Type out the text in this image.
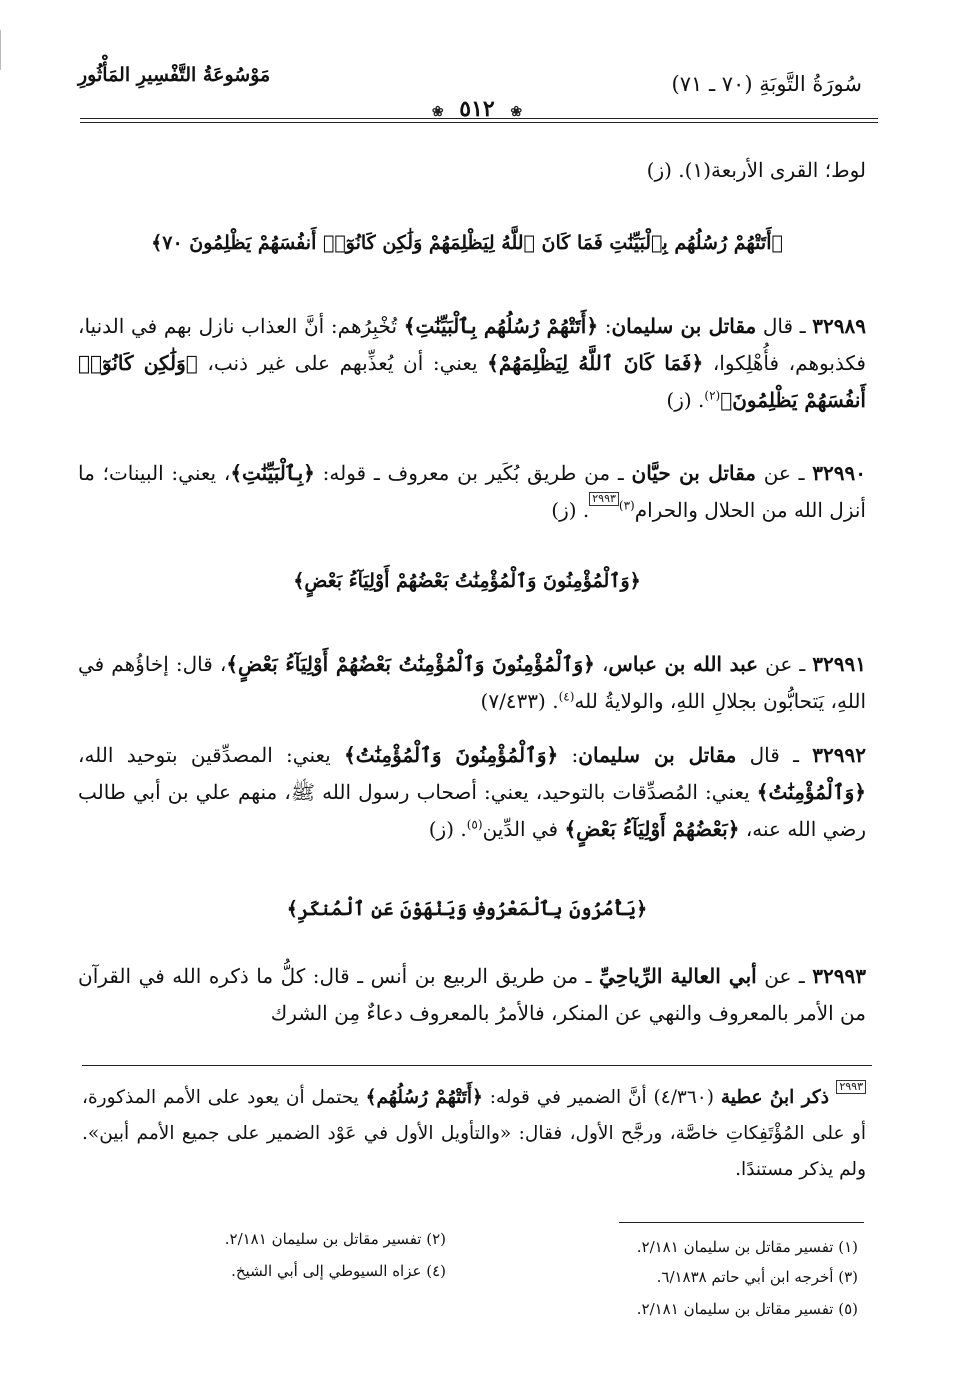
سُورَةُ التَّوبَةِ (٧٠ ـ ٧١)
مَوْسُوعَةُ التَّفْسِيرِ المَأْثُورِ
❀ ٥١٢ ❀
لوط؛ القرى الأربعة(١). (ز)
﴿أَتَتْهُمْ رُسُلُهُم بِٱلْبَيِّنَٰتِ فَمَا كَانَ ٱللَّهُ لِيَظْلِمَهُمْ وَلَٰكِن كَانُوٓا۟ أَنفُسَهُمْ يَظْلِمُونَ ٧٠﴾
٣٢٩٨٩ ـ قال مقاتل بن سليمان: ﴿أَتَتْهُمْ رُسُلُهُم بِٱلْبَيِّنَٰتِ﴾ تُخْبِرُهم: أنَّ العذاب نازل بهم في الدنيا، فكذبوهم، فأُهْلِكوا، ﴿فَمَا كَانَ ٱللَّهُ لِيَظْلِمَهُمْ﴾ يعني: أن يُعذِّبهم على غير ذنب، ﴿وَلَٰكِن كَانُوٓا۟ أَنفُسَهُمْ يَظْلِمُونَ﴾$^{(٢)}$. (ز)
٣٢٩٩٠ ـ عن مقاتل بن حيَّان ـ من طريق بُكَير بن معروف ـ قوله: ﴿بِٱلْبَيِّنَٰتِ﴾، يعني: البينات؛ ما أنزل الله من الحلال والحرام$^{(٣)}$٢٩٩٣. (ز)
﴿وَٱلْمُؤْمِنُونَ وَٱلْمُؤْمِنَٰتُ بَعْضُهُمْ أَوْلِيَآءُ بَعْضٍ﴾
٣٢٩٩١ ـ عن عبد الله بن عباس، ﴿وَٱلْمُؤْمِنُونَ وَٱلْمُؤْمِنَٰتُ بَعْضُهُمْ أَوْلِيَآءُ بَعْضٍ﴾، قال: إخاؤُهم في اللهِ، يَتحابُّون بجلالِ اللهِ، والولايةُ لله$^{(٤)}$. (٧/٤٣٣)
٣٢٩٩٢ ـ قال مقاتل بن سليمان: ﴿وَٱلْمُؤْمِنُونَ وَٱلْمُؤْمِنَٰتُ﴾ يعني: المصدِّقين بتوحيد الله، ﴿وَٱلْمُؤْمِنَٰتُ﴾ يعني: المُصدِّقات بالتوحيد، يعني: أصحاب رسول الله ﷺ، منهم علي بن أبي طالب رضي الله عنه، ﴿بَعْضُهُمْ أَوْلِيَآءُ بَعْضٍ﴾ في الدِّين$^{(٥)}$. (ز)
﴿يَأْمُرُونَ بِٱلْمَعْرُوفِ وَيَنْهَوْنَ عَنِ ٱلْمُنكَرِ﴾
٣٢٩٩٣ ـ عن أبي العالية الرِّياحِيِّ ـ من طريق الربيع بن أنس ـ قال: كلُّ ما ذكره الله في القرآن من الأمر بالمعروف والنهي عن المنكر، فالأمرُ بالمعروف دعاءٌ مِن الشرك
٢٩٩٣ ذكر ابنُ عطية (٤/٣٦٠) أنَّ الضمير في قوله: ﴿أَتَتْهُمْ رُسُلُهُم﴾ يحتمل أن يعود على الأمم المذكورة، أو على المُؤْتَفِكاتِ خاصَّة، ورجَّح الأول، فقال: «والتأويل الأول في عَوْد الضمير على جميع الأمم أبين». ولم يذكر مستندًا.
(١) تفسير مقاتل بن سليمان ٢/١٨١.
(٢) تفسير مقاتل بن سليمان ٢/١٨١.
(٣) أخرجه ابن أبي حاتم ٦/١٨٣٨.
(٤) عزاه السيوطي إلى أبي الشيخ.
(٥) تفسير مقاتل بن سليمان ٢/١٨١.
